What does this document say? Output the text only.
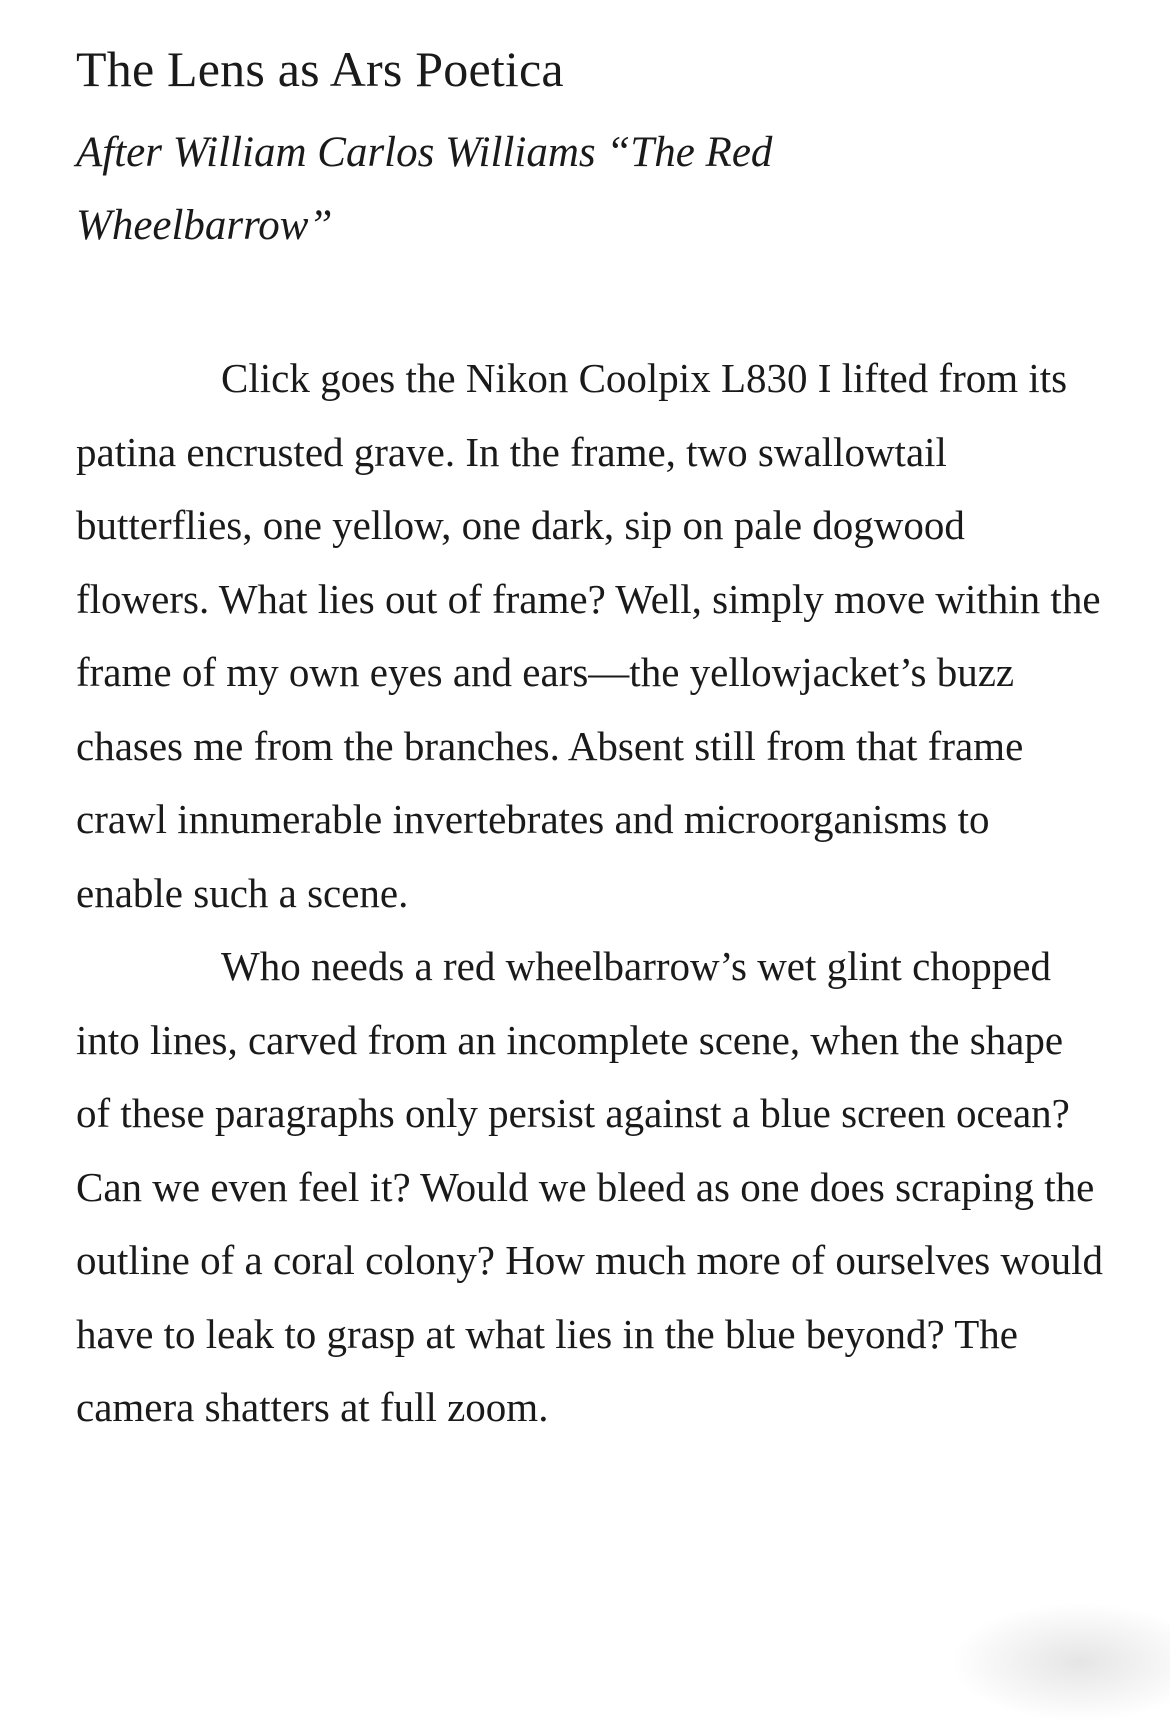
The Lens as Ars Poetica
After William Carlos Williams “The Red Wheelbarrow”

Click goes the Nikon Coolpix L830 I lifted from its patina encrusted grave. In the frame, two swallowtail butterflies, one yellow, one dark, sip on pale dogwood flowers. What lies out of frame? Well, simply move within the frame of my own eyes and ears—the yellowjacket’s buzz chases me from the branches. Absent still from that frame crawl innumerable invertebrates and microorganisms to enable such a scene.

Who needs a red wheelbarrow’s wet glint chopped into lines, carved from an incomplete scene, when the shape of these paragraphs only persist against a blue screen ocean? Can we even feel it? Would we bleed as one does scraping the outline of a coral colony? How much more of ourselves would have to leak to grasp at what lies in the blue beyond? The camera shatters at full zoom.
